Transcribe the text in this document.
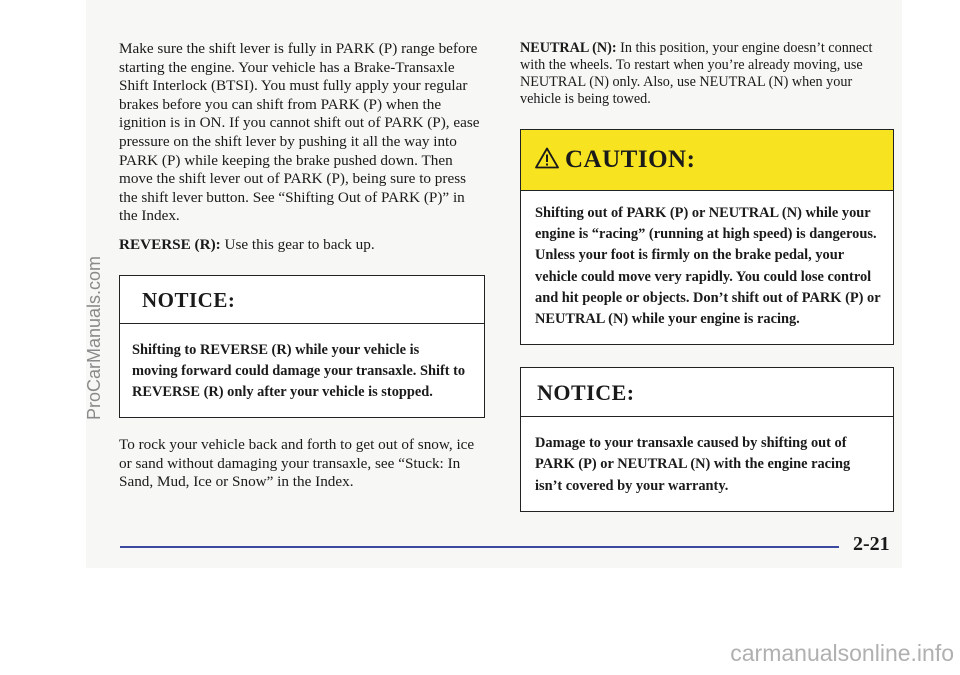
Make sure the shift lever is fully in PARK (P) range before starting the engine. Your vehicle has a Brake-Transaxle Shift Interlock (BTSI). You must fully apply your regular brakes before you can shift from PARK (P) when the ignition is in ON. If you cannot shift out of PARK (P), ease pressure on the shift lever by pushing it all the way into PARK (P) while keeping the brake pushed down. Then move the shift lever out of PARK (P), being sure to press the shift lever button. See “Shifting Out of PARK (P)” in the Index.

REVERSE (R): Use this gear to back up.

NOTICE:
Shifting to REVERSE (R) while your vehicle is moving forward could damage your transaxle. Shift to REVERSE (R) only after your vehicle is stopped.

To rock your vehicle back and forth to get out of snow, ice or sand without damaging your transaxle, see “Stuck: In Sand, Mud, Ice or Snow” in the Index.

NEUTRAL (N): In this position, your engine doesn’t connect with the wheels. To restart when you’re already moving, use NEUTRAL (N) only. Also, use NEUTRAL (N) when your vehicle is being towed.

CAUTION:
Shifting out of PARK (P) or NEUTRAL (N) while your engine is “racing” (running at high speed) is dangerous. Unless your foot is firmly on the brake pedal, your vehicle could move very rapidly. You could lose control and hit people or objects. Don’t shift out of PARK (P) or NEUTRAL (N) while your engine is racing.
NOTICE:
Damage to your transaxle caused by shifting out of PARK (P) or NEUTRAL (N) with the engine racing isn’t covered by your warranty.
2-21
ProCarManuals.com
carmanualsonline.info
